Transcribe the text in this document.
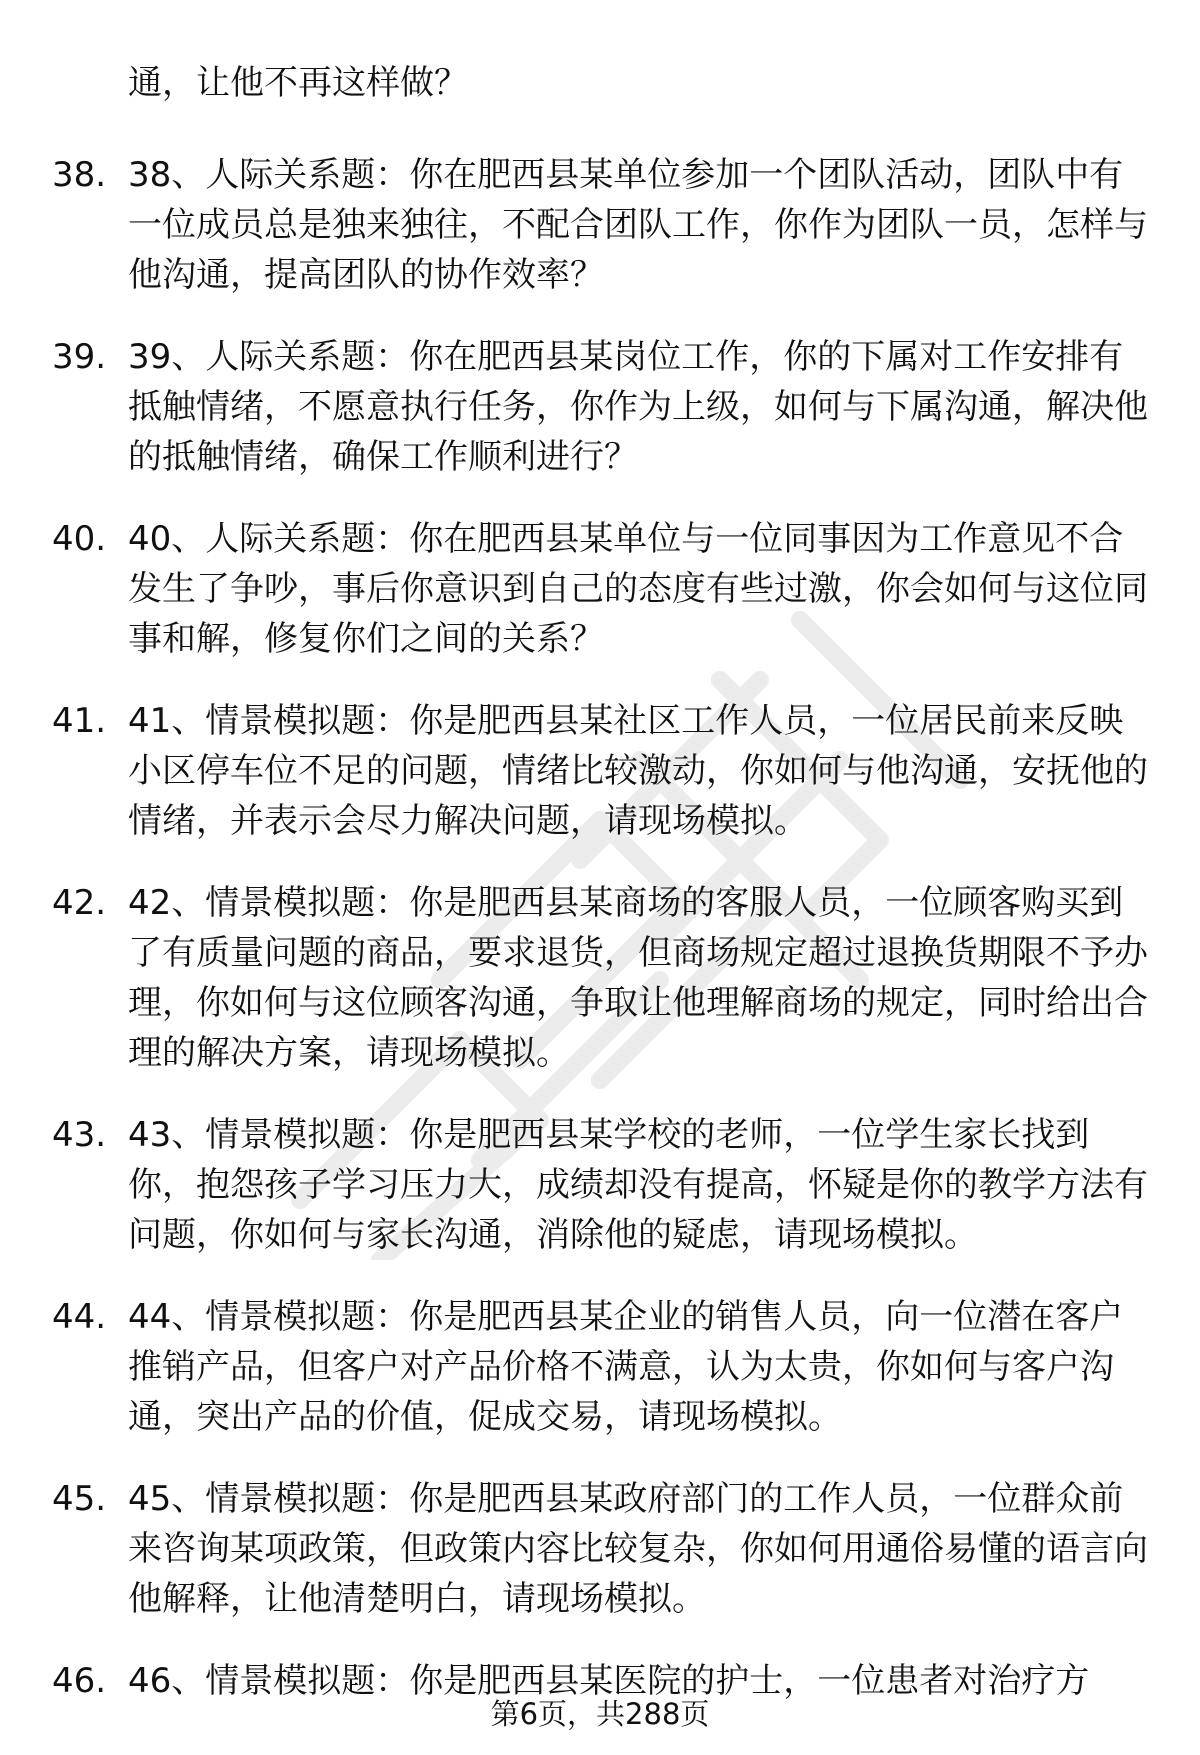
通，让他不再这样做？

38. 38、人际关系题：你在肥西县某单位参加一个团队活动，团队中有一位成员总是独来独往，不配合团队工作，你作为团队一员，怎样与他沟通，提高团队的协作效率？

39. 39、人际关系题：你在肥西县某岗位工作，你的下属对工作安排有抵触情绪，不愿意执行任务，你作为上级，如何与下属沟通，解决他的抵触情绪，确保工作顺利进行？

40. 40、人际关系题：你在肥西县某单位与一位同事因为工作意见不合发生了争吵，事后你意识到自己的态度有些过激，你会如何与这位同事和解，修复你们之间的关系？

41. 41、情景模拟题：你是肥西县某社区工作人员，一位居民前来反映小区停车位不足的问题，情绪比较激动，你如何与他沟通，安抚他的情绪，并表示会尽力解决问题，请现场模拟。

42. 42、情景模拟题：你是肥西县某商场的客服人员，一位顾客购买到了有质量问题的商品，要求退货，但商场规定超过退换货期限不予办理，你如何与这位顾客沟通，争取让他理解商场的规定，同时给出合理的解决方案，请现场模拟。

43. 43、情景模拟题：你是肥西县某学校的老师，一位学生家长找到你，抱怨孩子学习压力大，成绩却没有提高，怀疑是你的教学方法有问题，你如何与家长沟通，消除他的疑虑，请现场模拟。

44. 44、情景模拟题：你是肥西县某企业的销售人员，向一位潜在客户推销产品，但客户对产品价格不满意，认为太贵，你如何与客户沟通，突出产品的价值，促成交易，请现场模拟。

45. 45、情景模拟题：你是肥西县某政府部门的工作人员，一位群众前来咨询某项政策，但政策内容比较复杂，你如何用通俗易懂的语言向他解释，让他清楚明白，请现场模拟。

46. 46、情景模拟题：你是肥西县某医院的护士，一位患者对治疗方

第6页，共288页
